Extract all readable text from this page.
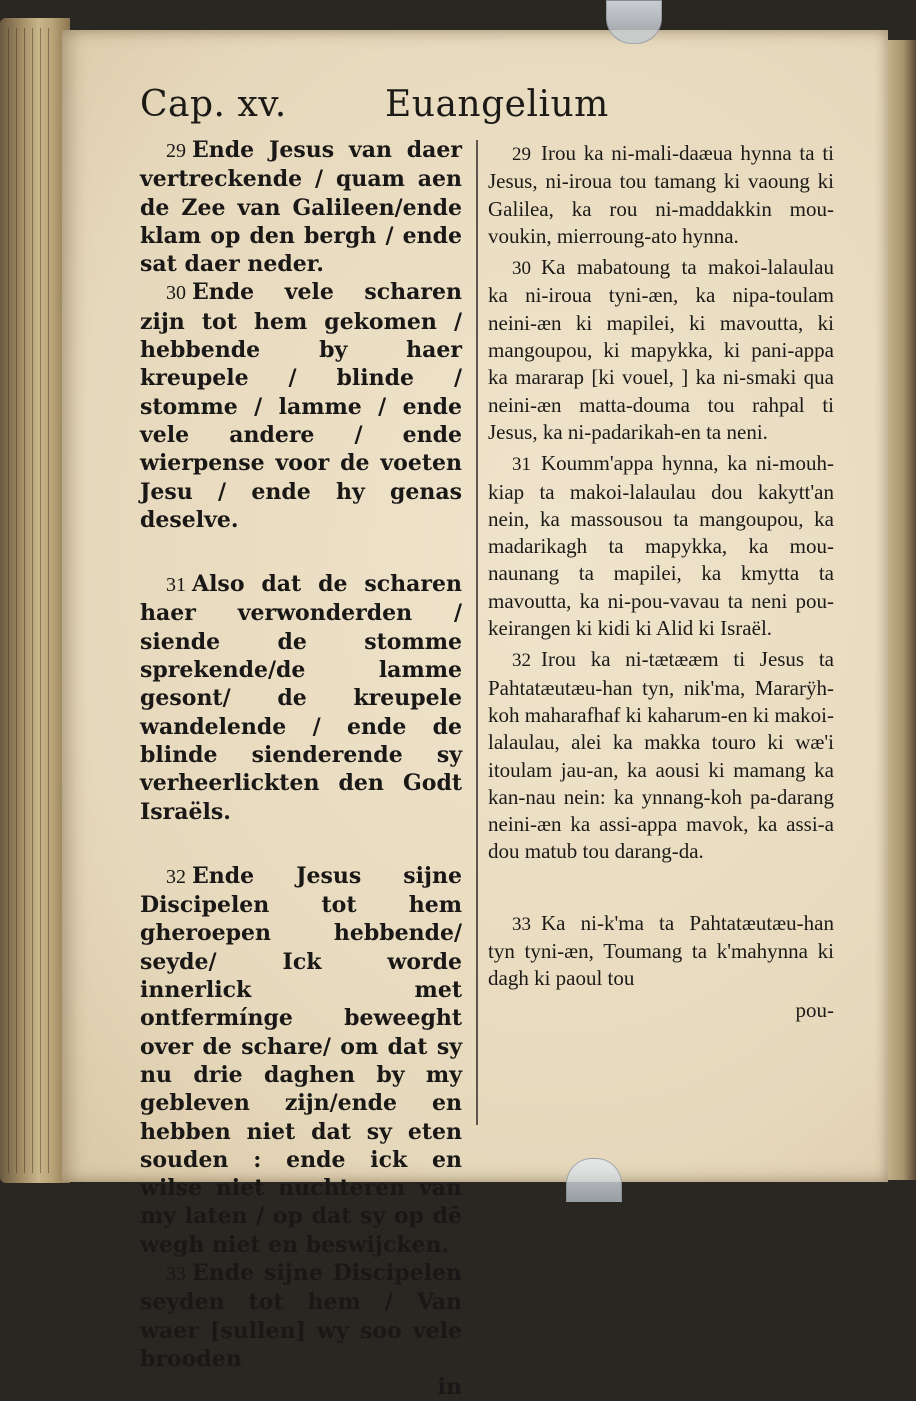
Cap. xv.	Euangelium

29 Ende Jesus van daer vertreckende / quam aen de Zee van Galileen/ende klam op den bergh / ende sat daer neder.

30 Ende vele scharen zijn tot hem gekomen / hebbende by haer kreupele / blinde / stomme / lamme / ende vele andere / ende wierpense voor de voeten Jesu / ende hy genas deselve.

31 Also dat de scharen haer verwonderden / siende de stomme sprekende/de lamme gesont/ de kreupele wandelende / ende de blinde sienderende sy verheerlickten den Godt Israëls.

32 Ende Jesus sijne Discipelen tot hem gheroepen hebbende/ seyde/ Ick worde innerlick met ontfermínge beweeght over de schare/ om dat sy nu drie daghen by my gebleven zijn/ende en hebben niet dat sy eten souden : ende ick en wilse niet nuchteren van my laten / op dat sy op dē wegh niet en beswijcken.

33 Ende sijne Discipelen seyden tot hem / Van waer [sullen] wy soo vele brooden

in

29 Irou ka ni-mali-daæua hynna ta ti Jesus, ni-iroua tou tamang ki vaoung ki Galilea, ka rou ni-maddakkin mou-voukin, mierroung-ato hynna.

30 Ka mabatoung ta makoi-lalaulau ka ni-iroua tyni-æn, ka nipa-toulam neini-æn ki mapilei, ki mavoutta, ki mangoupou, ki mapykka, ki pani-appa ka mararap [ki vouel, ] ka ni-smaki qua neini-æn matta-douma tou rahpal ti Jesus, ka ni-padarikah-en ta neni.

31 Koumm'appa hynna, ka ni-mouh-kiap ta makoi-lalaulau dou kakytt'an nein, ka massousou ta mangoupou, ka madarikagh ta mapykka, ka mou-naunang ta mapilei, ka kmytta ta mavoutta, ka ni-pou-vavau ta neni pou-keirangen ki kidi ki Alid ki Israël.

32 Irou ka ni-tætææm ti Jesus ta Pahtatæutæu-han tyn, nik'ma, Mararÿh-koh maharafhaf ki kaharum-en ki makoi-lalaulau, alei ka makka touro ki wæ'i itoulam jau-an, ka aousi ki mamang ka kan-nau nein: ka ynnang-koh pa-darang neini-æn ka assi-appa mavok, ka assi-a dou matub tou darang-da.

33 Ka ni-k'ma ta Pahtatæutæu-han tyn tyni-æn, Toumang ta k'mahynna ki dagh ki paoul tou

pou-
